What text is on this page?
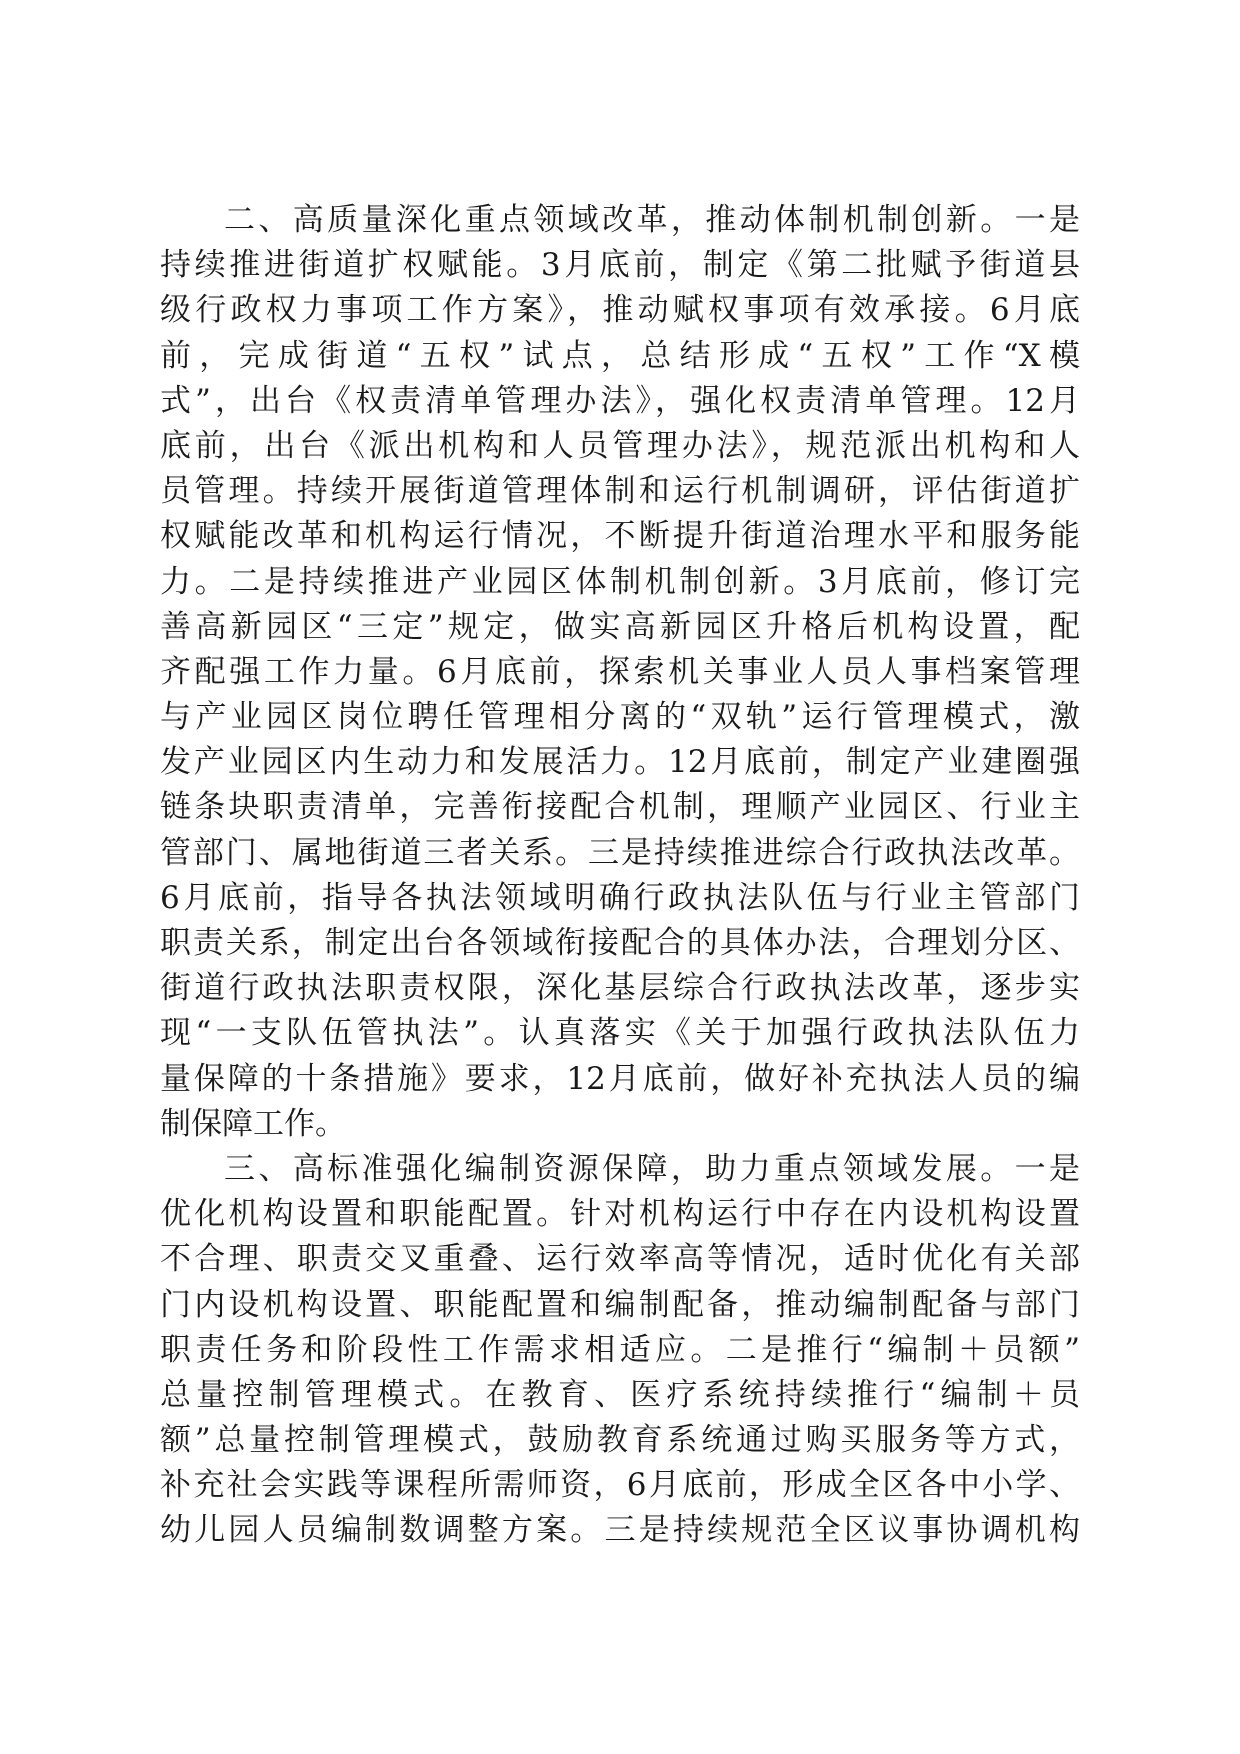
二、高质量深化重点领域改革，推动体制机制创新。一是
持续推进街道扩权赋能。3月底前，制定《第二批赋予街道县
级行政权力事项工作方案》，推动赋权事项有效承接。6月底
前，完成街道“五权”试点，总结形成“五权”工作“X模
式”，出台《权责清单管理办法》，强化权责清单管理。12月
底前，出台《派出机构和人员管理办法》，规范派出机构和人
员管理。持续开展街道管理体制和运行机制调研，评估街道扩
权赋能改革和机构运行情况，不断提升街道治理水平和服务能
力。二是持续推进产业园区体制机制创新。3月底前，修订完
善高新园区“三定”规定，做实高新园区升格后机构设置，配
齐配强工作力量。6月底前，探索机关事业人员人事档案管理
与产业园区岗位聘任管理相分离的“双轨”运行管理模式，激
发产业园区内生动力和发展活力。12月底前，制定产业建圈强
链条块职责清单，完善衔接配合机制，理顺产业园区、行业主
管部门、属地街道三者关系。三是持续推进综合行政执法改革。
6月底前，指导各执法领域明确行政执法队伍与行业主管部门
职责关系，制定出台各领域衔接配合的具体办法，合理划分区、
街道行政执法职责权限，深化基层综合行政执法改革，逐步实
现“一支队伍管执法”。认真落实《关于加强行政执法队伍力
量保障的十条措施》要求，12月底前，做好补充执法人员的编
制保障工作。
三、高标准强化编制资源保障，助力重点领域发展。一是
优化机构设置和职能配置。针对机构运行中存在内设机构设置
不合理、职责交叉重叠、运行效率高等情况，适时优化有关部
门内设机构设置、职能配置和编制配备，推动编制配备与部门
职责任务和阶段性工作需求相适应。二是推行“编制＋员额”
总量控制管理模式。在教育、医疗系统持续推行“编制＋员
额”总量控制管理模式，鼓励教育系统通过购买服务等方式，
补充社会实践等课程所需师资，6月底前，形成全区各中小学、
幼儿园人员编制数调整方案。三是持续规范全区议事协调机构
